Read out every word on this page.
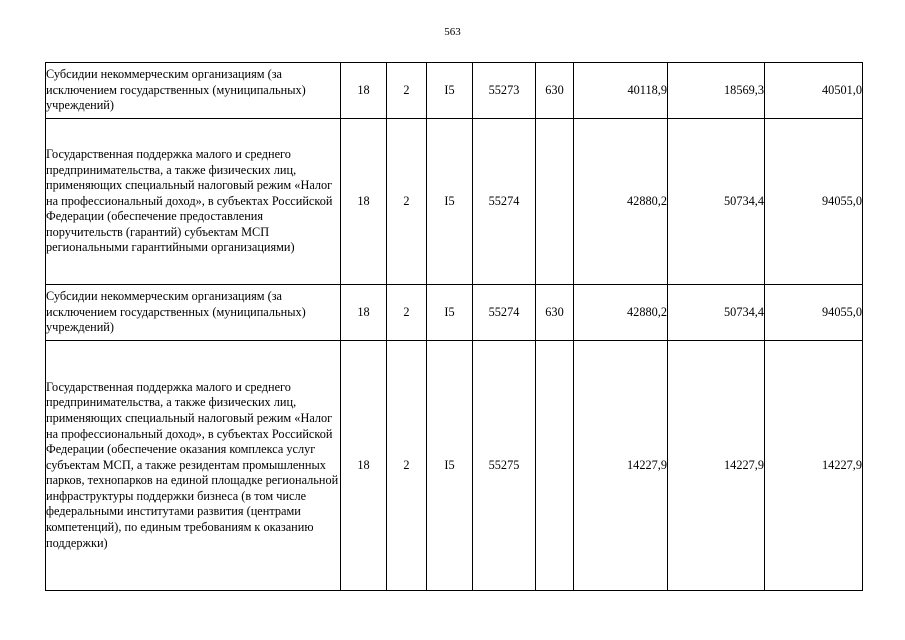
563
Субсидии некоммерческим организациям (за исключением государственных (муниципальных) учреждений)	18	2	I5	55273	630	40118,9	18569,3	40501,0

Государственная поддержка малого и среднего предпринимательства, а также физических лиц, применяющих специальный налоговый режим «Налог на профессиональный доход», в субъектах Российской Федерации (обеспечение предоставления поручительств (гарантий) субъектам МСП региональными гарантийными организациями)	18	2	I5	55274		42880,2	50734,4	94055,0

Субсидии некоммерческим организациям (за исключением государственных (муниципальных) учреждений)	18	2	I5	55274	630	42880,2	50734,4	94055,0

Государственная поддержка малого и среднего предпринимательства, а также физических лиц, применяющих специальный налоговый режим «Налог на профессиональный доход», в субъектах Российской Федерации (обеспечение оказания комплекса услуг субъектам МСП, а также резидентам промышленных парков, технопарков на единой площадке региональной инфраструктуры поддержки бизнеса (в том числе федеральными институтами развития (центрами компетенций), по единым требованиям к оказанию поддержки)	18	2	I5	55275		14227,9	14227,9	14227,9
